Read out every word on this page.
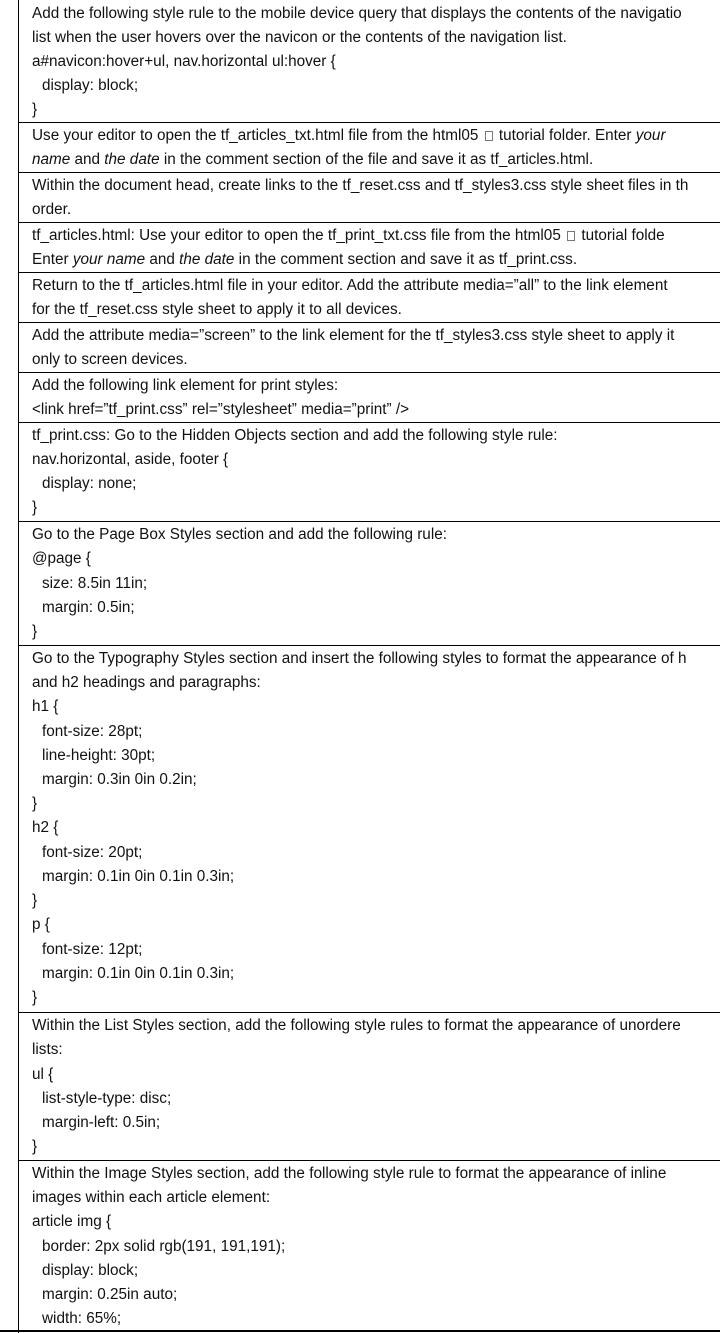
Add the following style rule to the mobile device query that displays the contents of the navigatio
list when the user hovers over the navicon or the contents of the navigation list.
a#navicon:hover+ul, nav.horizontal ul:hover {
display: block;
}
Use your editor to open the tf_articles_txt.html file from the html05 tutorial folder. Enter your
name and the date in the comment section of the file and save it as tf_articles.html.
Within the document head, create links to the tf_reset.css and tf_styles3.css style sheet files in th
order.
tf_articles.html: Use your editor to open the tf_print_txt.css file from the html05 tutorial folde
Enter your name and the date in the comment section and save it as tf_print.css.
Return to the tf_articles.html file in your editor. Add the attribute media=”all” to the link element
for the tf_reset.css style sheet to apply it to all devices.
Add the attribute media=”screen” to the link element for the tf_styles3.css style sheet to apply it
only to screen devices.
Add the following link element for print styles:
<link href=”tf_print.css” rel=”stylesheet” media=”print” />
tf_print.css: Go to the Hidden Objects section and add the following style rule:
nav.horizontal, aside, footer {
display: none;
}
Go to the Page Box Styles section and add the following rule:
@page {
size: 8.5in 11in;
margin: 0.5in;
}
Go to the Typography Styles section and insert the following styles to format the appearance of h
and h2 headings and paragraphs:
h1 {
font-size: 28pt;
line-height: 30pt;
margin: 0.3in 0in 0.2in;
}
h2 {
font-size: 20pt;
margin: 0.1in 0in 0.1in 0.3in;
}
p {
font-size: 12pt;
margin: 0.1in 0in 0.1in 0.3in;
}
Within the List Styles section, add the following style rules to format the appearance of unordere
lists:
ul {
list-style-type: disc;
margin-left: 0.5in;
}
Within the Image Styles section, add the following style rule to format the appearance of inline
images within each article element:
article img {
border: 2px solid rgb(191, 191,191);
display: block;
margin: 0.25in auto;
width: 65%;
